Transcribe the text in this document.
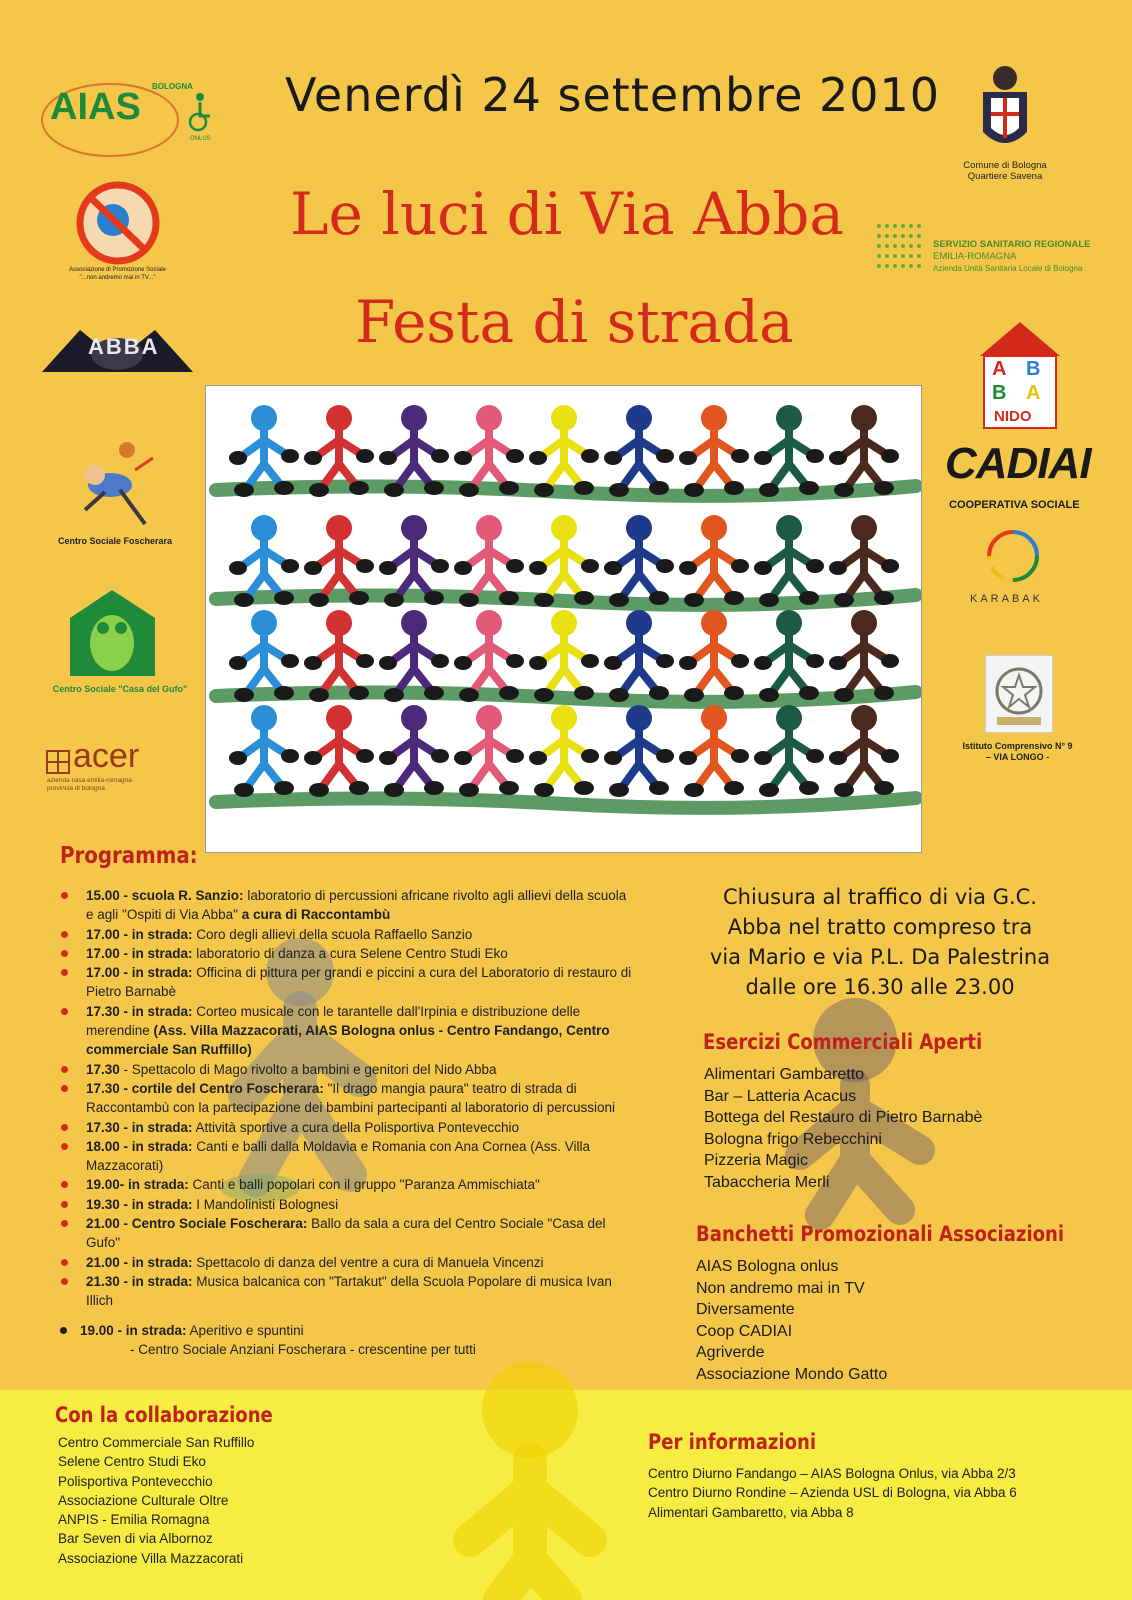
Venerdì 24 settembre 2010
Le luci di Via Abba
Festa di strada
AIAS BOLOGNA
ONLUS
Associazione di Promozione Sociale
"...non andremo mai in TV..."
ABBA
Centro Sociale Foscherara
Centro Sociale "Casa del Gufo"
acer
azienda casa emilia-romagna
provincia di bologna
Comune di Bologna
Quartiere Savena
SERVIZIO SANITARIO REGIONALE
EMILIA-ROMAGNA
Azienda Unità Sanitaria Locale di Bologna
A B
B A
NIDO
CADIAI
COOPERATIVA SOCIALE
KARABAK
Istituto Comprensivo N° 9
– VIA LONGO -
Programma:
15.00 - scuola R. Sanzio: laboratorio di percussioni africane rivolto agli allievi della scuola e agli "Ospiti di Via Abba" a cura di Raccontambù
17.00 - in strada: Coro degli allievi della scuola Raffaello Sanzio
17.00 - in strada: laboratorio di danza a cura Selene Centro Studi Eko
17.00 - in strada: Officina di pittura per grandi e piccini a cura del Laboratorio di restauro di Pietro Barnabè
17.30 - in strada: Corteo musicale con le tarantelle dall'Irpinia e distribuzione delle merendine (Ass. Villa Mazzacorati, AIAS Bologna onlus - Centro Fandango, Centro commerciale San Ruffillo)
17.30 - Spettacolo di Mago rivolto a bambini e genitori del Nido Abba
17.30 - cortile del Centro Foscherara: "Il drago mangia paura" teatro di strada di Raccontambù con la partecipazione dei bambini partecipanti al laboratorio di percussioni
17.30 - in strada: Attività sportive a cura della Polisportiva Pontevecchio
18.00 - in strada: Canti e balli dalla Moldavia e Romania con Ana Cornea (Ass. Villa Mazzacorati)
19.00- in strada: Canti e balli popolari con il gruppo "Paranza Ammischiata"
19.30 - in strada: I Mandolinisti Bolognesi
21.00 - Centro Sociale Foscherara: Ballo da sala a cura del Centro Sociale "Casa del Gufo"
21.00 - in strada: Spettacolo di danza del ventre a cura di Manuela Vincenzi
21.30 - in strada: Musica balcanica con "Tartakut" della Scuola Popolare di musica Ivan Illich
19.00 - in strada: Aperitivo e spuntini
- Centro Sociale Anziani Foscherara - crescentine per tutti
Chiusura al traffico di via G.C.
Abba nel tratto compreso tra
via Mario e via P.L. Da Palestrina
dalle ore 16.30 alle 23.00
Esercizi Commerciali Aperti
Alimentari Gambaretto
Bar – Latteria Acacus
Bottega del Restauro di Pietro Barnabè
Bologna frigo Rebecchini
Pizzeria Magic
Tabaccheria Merli
Banchetti Promozionali Associazioni
AIAS Bologna onlus
Non andremo mai in TV
Diversamente
Coop CADIAI
Agriverde
Associazione Mondo Gatto
Con la collaborazione
Centro Commerciale San Ruffillo
Selene Centro Studi Eko
Polisportiva Pontevecchio
Associazione Culturale Oltre
ANPIS - Emilia Romagna
Bar Seven di via Albornoz
Associazione Villa Mazzacorati
Per informazioni
Centro Diurno Fandango – AIAS Bologna Onlus, via Abba 2/3
Centro Diurno Rondine – Azienda USL di Bologna, via Abba 6
Alimentari Gambaretto, via Abba 8
